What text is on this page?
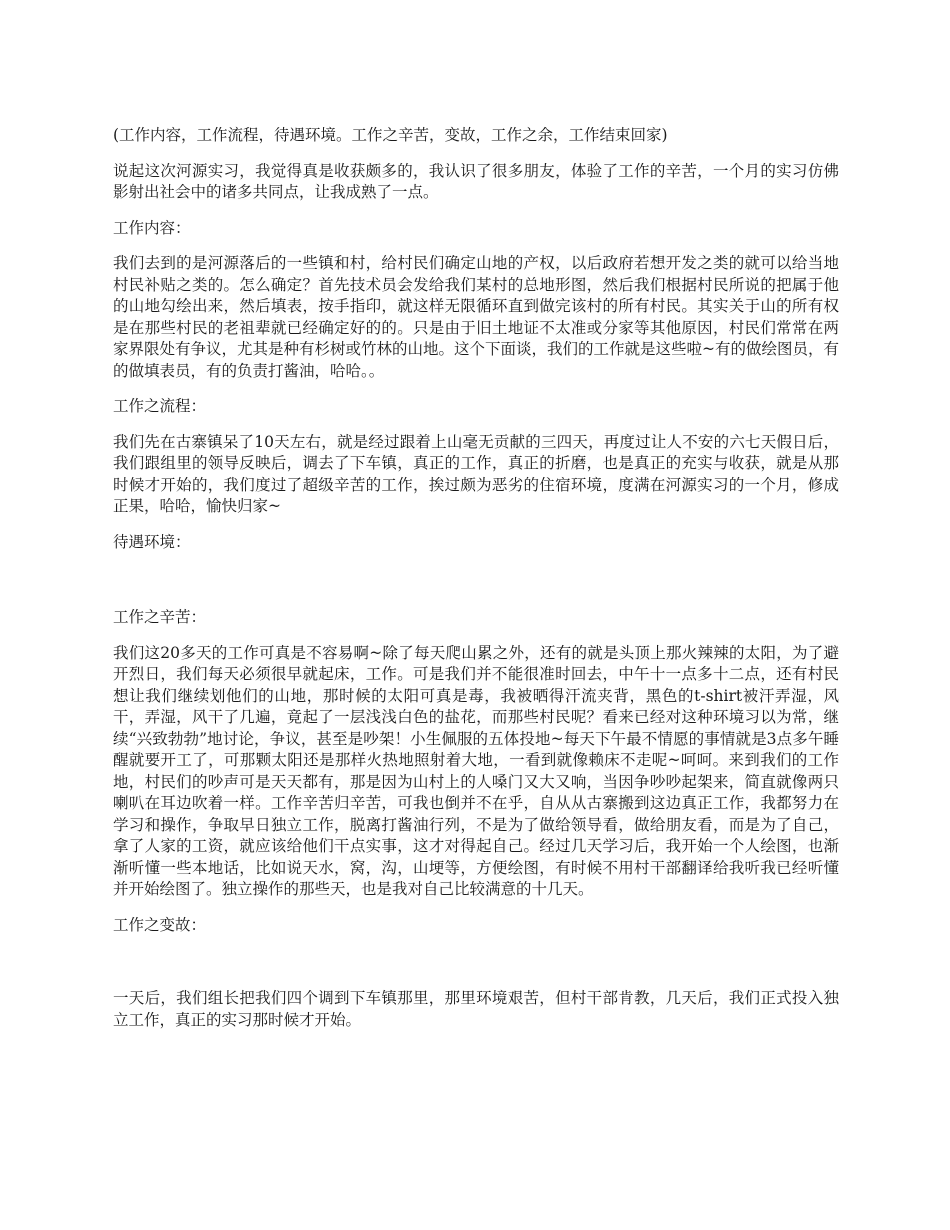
(工作内容，工作流程，待遇环境。工作之辛苦，变故，工作之余，工作结束回家)

说起这次河源实习，我觉得真是收获颇多的，我认识了很多朋友，体验了工作的辛苦，一个月的实习仿佛影射出社会中的诸多共同点，让我成熟了一点。

工作内容：

我们去到的是河源落后的一些镇和村，给村民们确定山地的产权，以后政府若想开发之类的就可以给当地村民补贴之类的。怎么确定？首先技术员会发给我们某村的总地形图，然后我们根据村民所说的把属于他的山地勾绘出来，然后填表，按手指印，就这样无限循环直到做完该村的所有村民。其实关于山的所有权是在那些村民的老祖辈就已经确定好的的。只是由于旧土地证不太准或分家等其他原因，村民们常常在两家界限处有争议，尤其是种有杉树或竹林的山地。这个下面谈，我们的工作就是这些啦~有的做绘图员，有的做填表员，有的负责打酱油，哈哈。。

工作之流程：

我们先在古寨镇呆了10天左右，就是经过跟着上山毫无贡献的三四天，再度过让人不安的六七天假日后，我们跟组里的领导反映后，调去了下车镇，真正的工作，真正的折磨，也是真正的充实与收获，就是从那时候才开始的，我们度过了超级辛苦的工作，挨过颇为恶劣的住宿环境，度满在河源实习的一个月，修成正果，哈哈，愉快归家~

待遇环境：

工作之辛苦：

我们这20多天的工作可真是不容易啊~除了每天爬山累之外，还有的就是头顶上那火辣辣的太阳，为了避开烈日，我们每天必须很早就起床，工作。可是我们并不能很准时回去，中午十一点多十二点，还有村民想让我们继续划他们的山地，那时候的太阳可真是毒，我被晒得汗流夹背，黑色的t-shirt被汗弄湿，风干，弄湿，风干了几遍，竟起了一层浅浅白色的盐花，而那些村民呢？看来已经对这种环境习以为常，继续“兴致勃勃”地讨论，争议，甚至是吵架！小生佩服的五体投地~每天下午最不情愿的事情就是3点多午睡醒就要开工了，可那颗太阳还是那样火热地照射着大地，一看到就像赖床不走呢~呵呵。来到我们的工作地，村民们的吵声可是天天都有，那是因为山村上的人嗓门又大又响，当因争吵吵起架来，简直就像两只喇叭在耳边吹着一样。工作辛苦归辛苦，可我也倒并不在乎，自从从古寨搬到这边真正工作，我都努力在学习和操作，争取早日独立工作，脱离打酱油行列，不是为了做给领导看，做给朋友看，而是为了自己，拿了人家的工资，就应该给他们干点实事，这才对得起自己。经过几天学习后，我开始一个人绘图，也渐渐听懂一些本地话，比如说天水，窝，沟，山埂等，方便绘图，有时候不用村干部翻译给我听我已经听懂并开始绘图了。独立操作的那些天，也是我对自己比较满意的十几天。

工作之变故：

一天后，我们组长把我们四个调到下车镇那里，那里环境艰苦，但村干部肯教，几天后，我们正式投入独立工作，真正的实习那时候才开始。
